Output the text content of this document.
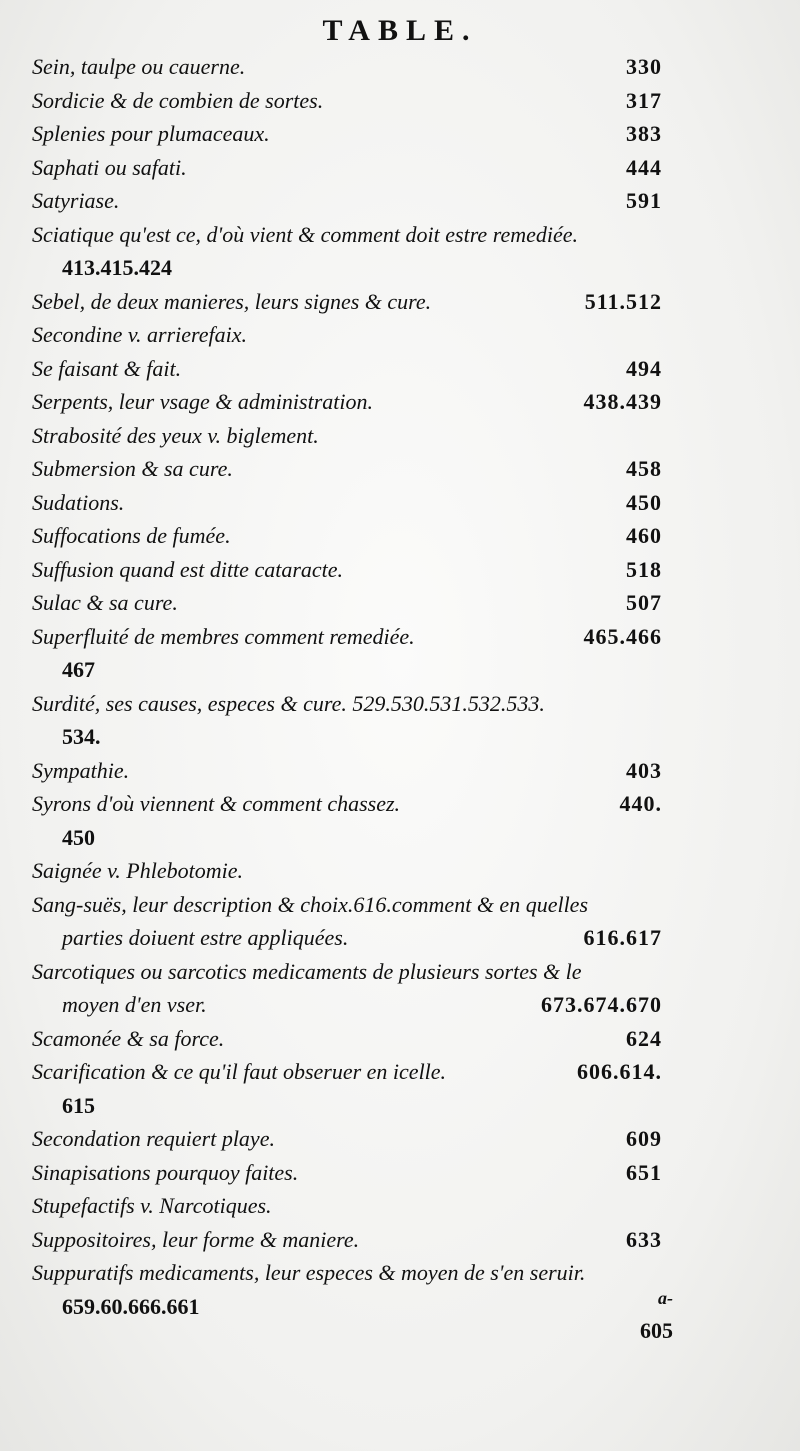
TABLE.
Sein, taulpe ou cauerne.	330
Sordicie & de combien de sortes.	317
Splenies pour plumaceaux.	383
Saphati ou safati.	444
Satyriase.	591
Sciatique qu'est ce, d'où vient & comment doit estre remediée.
413.415.424
Sebel, de deux manieres, leurs signes & cure.	511.512
Secondine v. arrierefaix.
Se faisant & fait.	494
Serpents, leur vsage & administration.	438.439
Strabosité des yeux v. biglement.
Submersion & sa cure.	458
Sudations.	450
Suffocations de fumée.	460
Suffusion quand est ditte cataracte.	518
Sulac & sa cure.	507
Superfluité de membres comment remediée.	465.466
467
Surdité, ses causes, especes & cure. 529.530.531.532.533.
534.
Sympathie.	403
Syrons d'où viennent & comment chassez.	440.
450
Saignée v. Phlebotomie.
Sang-suës, leur description & choix.616.comment & en quelles
parties doiuent estre appliquées.	616.617
Sarcotiques ou sarcotics medicaments de plusieurs sortes & le
moyen d'en vser.	673.674.670
Scamonée & sa force.	624
Scarification & ce qu'il faut obseruer en icelle.	606.614.
615
Secondation requiert playe.	609
Sinapisations pourquoy faites.	651
Stupefactifs v. Narcotiques.
Suppositoires, leur forme & maniere.	633
Suppuratifs medicaments, leur especes & moyen de s'en seruir.
659.60.666.661	a-
605
